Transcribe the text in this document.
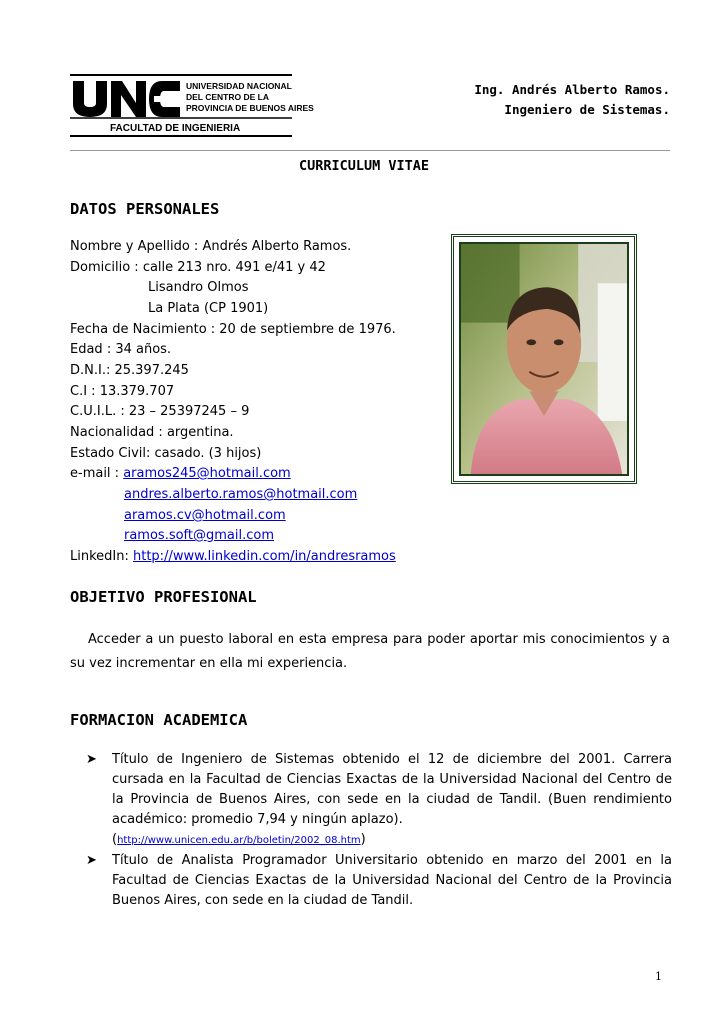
UNIVERSIDAD NACIONAL
DEL CENTRO DE LA
PROVINCIA DE BUENOS AIRES
FACULTAD DE INGENIERIA
Ing. Andrés Alberto Ramos.
Ingeniero de Sistemas.
CURRICULUM VITAE
DATOS PERSONALES
Nombre y Apellido : Andrés Alberto Ramos.
Domicilio : calle 213 nro. 491 e/41 y 42
Lisandro Olmos
La Plata (CP 1901)
Fecha de Nacimiento : 20 de septiembre de 1976.
Edad : 34 años.
D.N.I.: 25.397.245
C.I : 13.379.707
C.U.I.L. : 23 – 25397245 – 9
Nacionalidad : argentina.
Estado Civil: casado. (3 hijos)
e-mail : aramos245@hotmail.com
andres.alberto.ramos@hotmail.com
aramos.cv@hotmail.com
ramos.soft@gmail.com
LinkedIn: http://www.linkedin.com/in/andresramos
OBJETIVO PROFESIONAL
Acceder a un puesto laboral en esta empresa para poder aportar mis conocimientos y a su vez incrementar en ella mi experiencia.
FORMACION ACADEMICA
➤ Título de Ingeniero de Sistemas obtenido el 12 de diciembre del 2001. Carrera cursada en la Facultad de Ciencias Exactas de la Universidad Nacional del Centro de la Provincia de Buenos Aires, con sede en la ciudad de Tandil. (Buen rendimiento académico: promedio 7,94 y ningún aplazo).
(http://www.unicen.edu.ar/b/boletin/2002_08.htm)
➤ Título de Analista Programador Universitario obtenido en marzo del 2001 en la Facultad de Ciencias Exactas de la Universidad Nacional del Centro de la Provincia Buenos Aires, con sede en la ciudad de Tandil.
1
